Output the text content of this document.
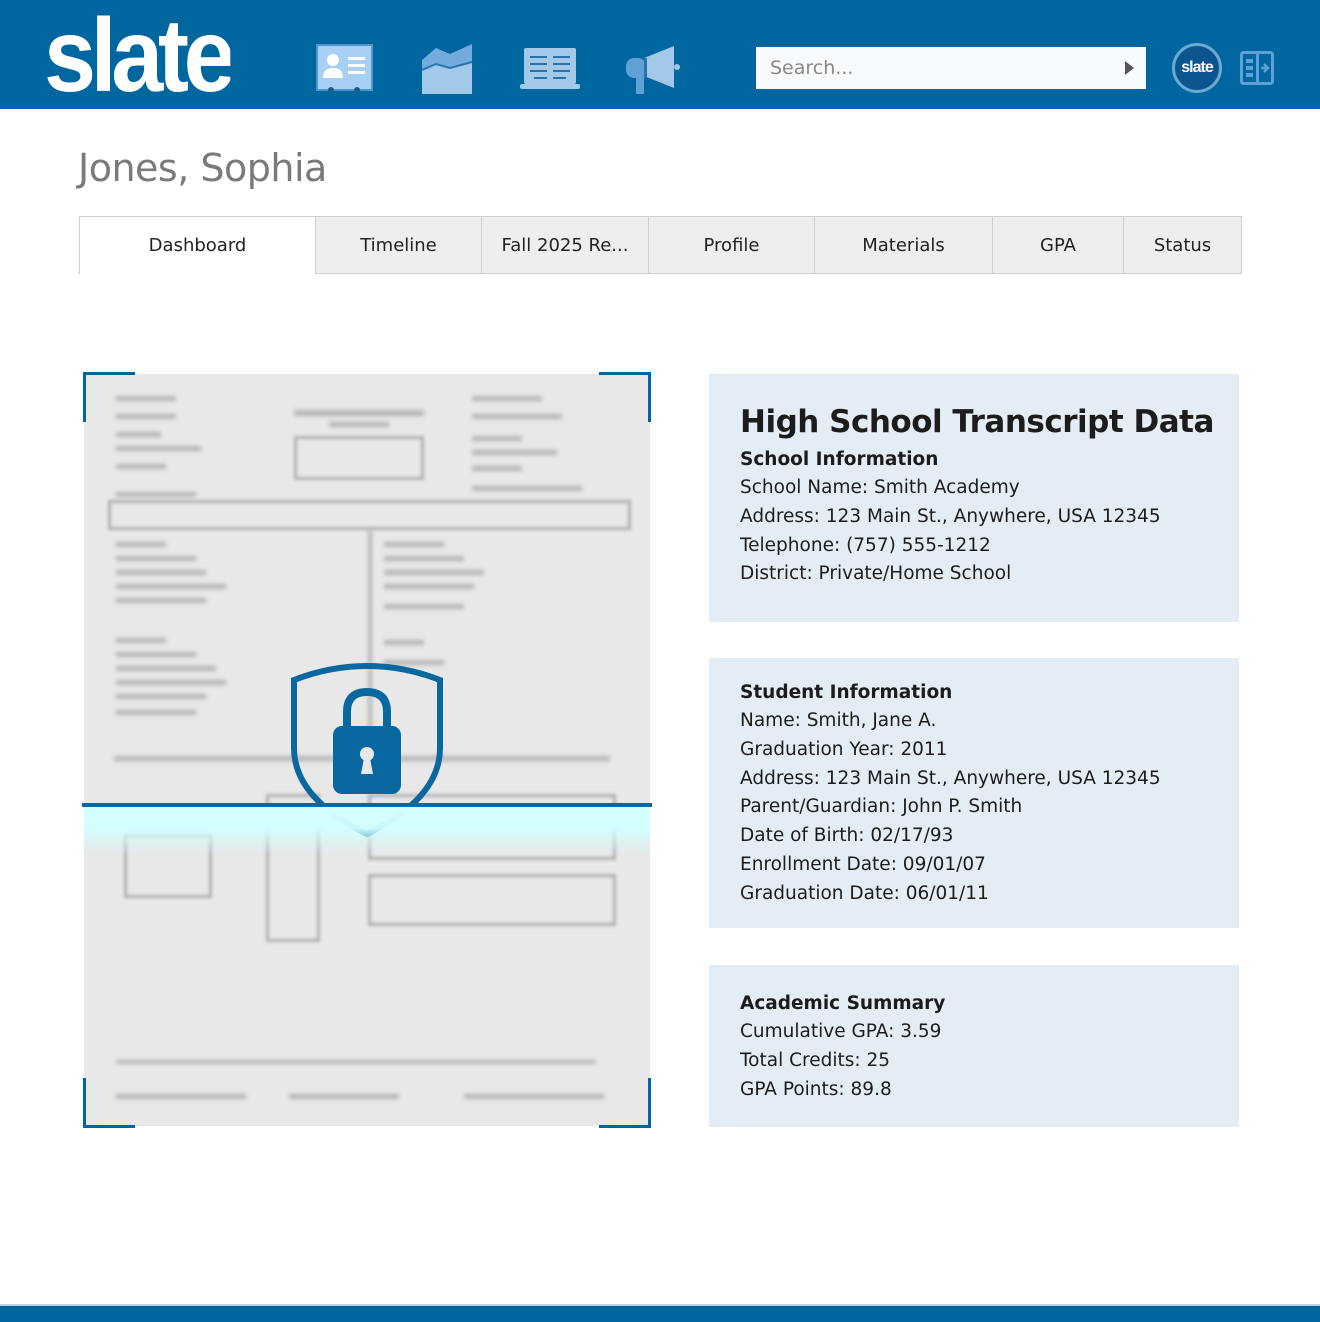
slate
Search...	slate
Jones, Sophia
Dashboard	Timeline	Fall 2025 Re...	Profile	Materials	GPA	Status
High School Transcript Data
School Information
School Name: Smith Academy
Address: 123 Main St., Anywhere, USA 12345
Telephone: (757) 555-1212
District: Private/Home School
Student Information
Name: Smith, Jane A.
Graduation Year: 2011
Address: 123 Main St., Anywhere, USA 12345
Parent/Guardian: John P. Smith
Date of Birth: 02/17/93
Enrollment Date: 09/01/07
Graduation Date: 06/01/11
Academic Summary
Cumulative GPA: 3.59
Total Credits: 25
GPA Points: 89.8
